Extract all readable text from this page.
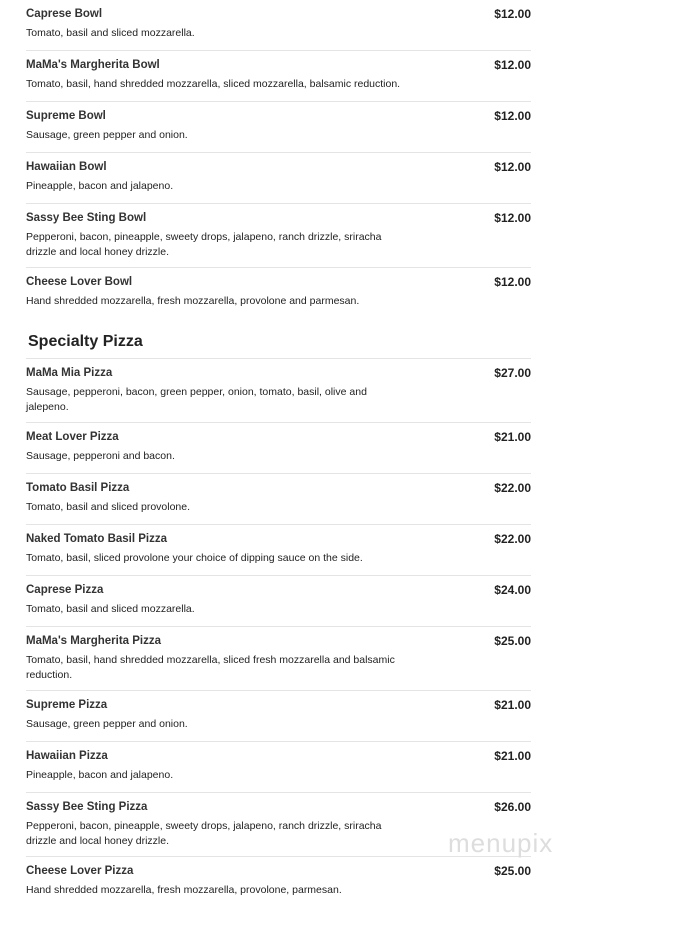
Caprese Bowl
Tomato, basil and sliced mozzarella.
$12.00
MaMa's Margherita Bowl
Tomato, basil, hand shredded mozzarella, sliced mozzarella, balsamic reduction.
$12.00
Supreme Bowl
Sausage, green pepper and onion.
$12.00
Hawaiian Bowl
Pineapple, bacon and jalapeno.
$12.00
Sassy Bee Sting Bowl
Pepperoni, bacon, pineapple, sweety drops, jalapeno, ranch drizzle, sriracha drizzle and local honey drizzle.
$12.00
Cheese Lover Bowl
Hand shredded mozzarella, fresh mozzarella, provolone and parmesan.
$12.00
Specialty Pizza
MaMa Mia Pizza
Sausage, pepperoni, bacon, green pepper, onion, tomato, basil, olive and jalepeno.
$27.00
Meat Lover Pizza
Sausage, pepperoni and bacon.
$21.00
Tomato Basil Pizza
Tomato, basil and sliced provolone.
$22.00
Naked Tomato Basil Pizza
Tomato, basil, sliced provolone your choice of dipping sauce on the side.
$22.00
Caprese Pizza
Tomato, basil and sliced mozzarella.
$24.00
MaMa's Margherita Pizza
Tomato, basil, hand shredded mozzarella, sliced fresh mozzarella and balsamic reduction.
$25.00
Supreme Pizza
Sausage, green pepper and onion.
$21.00
Hawaiian Pizza
Pineapple, bacon and jalapeno.
$21.00
Sassy Bee Sting Pizza
Pepperoni, bacon, pineapple, sweety drops, jalapeno, ranch drizzle, sriracha drizzle and local honey drizzle.
$26.00
Cheese Lover Pizza
Hand shredded mozzarella, fresh mozzarella, provolone, parmesan.
$25.00
menupix
